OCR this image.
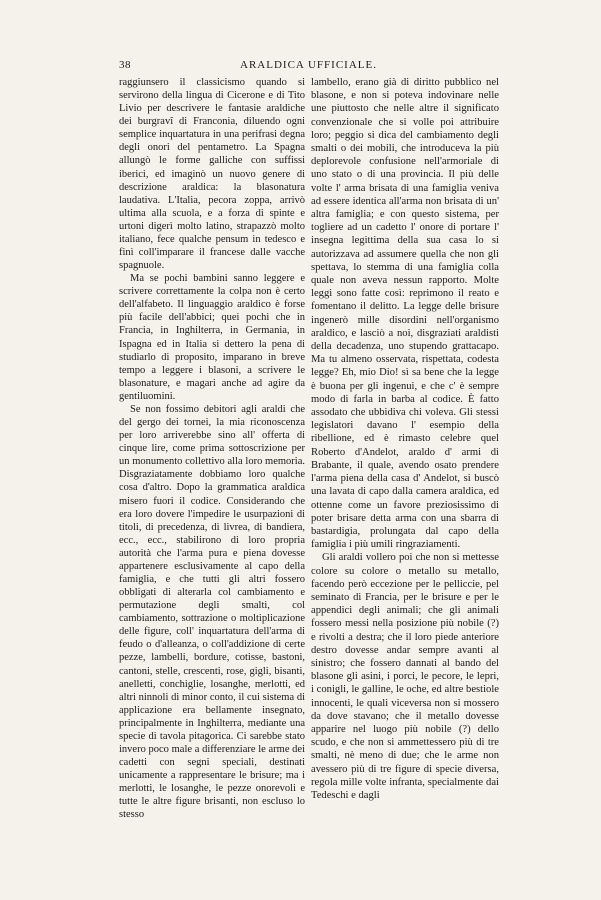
38	ARALDICA UFFICIALE.

raggiunsero il classicismo quando si servirono della lingua di Cicerone e di Tito Livio per descrivere le fantasie araldiche dei burgravî di Franconia, diluendo ogni semplice inquartatura in una perifrasi degna degli onori del pentametro. La Spagna allungò le forme galliche con suffissi iberici, ed imaginò un nuovo genere di descrizione araldica: la blasonatura laudativa. L'Italia, pecora zoppa, arrivò ultima alla scuola, e a forza di spinte e urtoni digerì molto latino, strapazzò molto italiano, fece qualche pensum in tedesco e finì coll'imparare il francese dalle vacche spagnuole.

Ma se pochi bambini sanno leggere e scrivere correttamente la colpa non è certo dell'alfabeto. Il linguaggio araldico è forse più facile dell'abbici; quei pochi che in Francia, in Inghilterra, in Germania, in Ispagna ed in Italia si dettero la pena di studiarlo di proposito, imparano in breve tempo a leggere i blasoni, a scrivere le blasonature, e magari anche ad agire da gentiluomini.

Se non fossimo debitori agli araldi che del gergo dei tornei, la mia riconoscenza per loro arriverebbe sino all' offerta di cinque lire, come prima sottoscrizione per un monumento collettivo alla loro memoria. Disgraziatamente dobbiamo loro qualche cosa d'altro. Dopo la grammatica araldica misero fuori il codice. Considerando che era loro dovere l'impedire le usurpazioni di titoli, di precedenza, di livrea, di bandiera, ecc., ecc., stabilirono di loro propria autorità che l'arma pura e piena dovesse appartenere esclusivamente al capo della famiglia, e che tutti gli altri fossero obbligati di alterarla col cambiamento e permutazione degli smalti, col cambiamento, sottrazione o moltiplicazione delle figure, coll' inquartatura dell'arma di feudo o d'alleanza, o coll'addizione di certe pezze, lambelli, bordure, cotisse, bastoni, cantoni, stelle, crescenti, rose, gigli, bisanti, anelletti, conchiglie, losanghe, merlotti, ed altri ninnoli di minor conto, il cui sistema di applicazione era bellamente insegnato, principalmente in Inghilterra, mediante una specie di tavola pitagorica. Ci sarebbe stato invero poco male a differenziare le arme dei cadetti con segni speciali, destinati unicamente a rappresentare le brisure; ma i merlotti, le losanghe, le pezze onorevoli e tutte le altre figure brisanti, non escluso lo stesso

lambello, erano già di diritto pubblico nel blasone, e non si poteva indovinare nelle une piuttosto che nelle altre il significato convenzionale che si volle poi attribuire loro; peggio si dica del cambiamento degli smalti o dei mobili, che introduceva la più deplorevole confusione nell'armoriale di uno stato o di una provincia. Il più delle volte l' arma brisata di una famiglia veniva ad essere identica all'arma non brisata di un' altra famiglia; e con questo sistema, per togliere ad un cadetto l' onore di portare l' insegna legittima della sua casa lo si autorizzava ad assumere quella che non gli spettava, lo stemma di una famiglia colla quale non aveva nessun rapporto. Molte leggi sono fatte così: reprimono il reato e fomentano il delitto. La legge delle brisure ingenerò mille disordini nell'organismo araldico, e lasciò a noi, disgraziati araldisti della decadenza, uno stupendo grattacapo. Ma tu almeno osservata, rispettata, codesta legge? Eh, mio Dio! sì sa bene che la legge è buona per gli ingenui, e che c' è sempre modo di farla in barba al codice. È fatto assodato che ubbidiva chi voleva. Gli stessi legislatori davano l' esempio della ribellione, ed è rimasto celebre quel Roberto d'Andelot, araldo d' armi di Brabante, il quale, avendo osato prendere l'arma piena della casa d' Andelot, si buscò una lavata di capo dalla camera araldica, ed ottenne come un favore preziosissimo di poter brisare detta arma con una sbarra di bastardigia, prolungata dal capo della famiglia i più umili ringraziamenti.

Gli araldi vollero poi che non si mettesse colore su colore o metallo su metallo, facendo però eccezione per le pelliccie, pel seminato di Francia, per le brisure e per le appendici degli animali; che gli animali fossero messi nella posizione più nobile (?) e rivolti a destra; che il loro piede anteriore destro dovesse andar sempre avanti al sinistro; che fossero dannati al bando del blasone gli asini, i porci, le pecore, le lepri, i conigli, le galline, le oche, ed altre bestiole innocenti, le quali viceversa non si mossero da dove stavano; che il metallo dovesse apparire nel luogo più nobile (?) dello scudo, e che non si ammettessero più di tre smalti, nè meno di due; che le arme non avessero più di tre figure di specie diversa, regola mille volte infranta, specialmente dai Tedeschi e dagli
